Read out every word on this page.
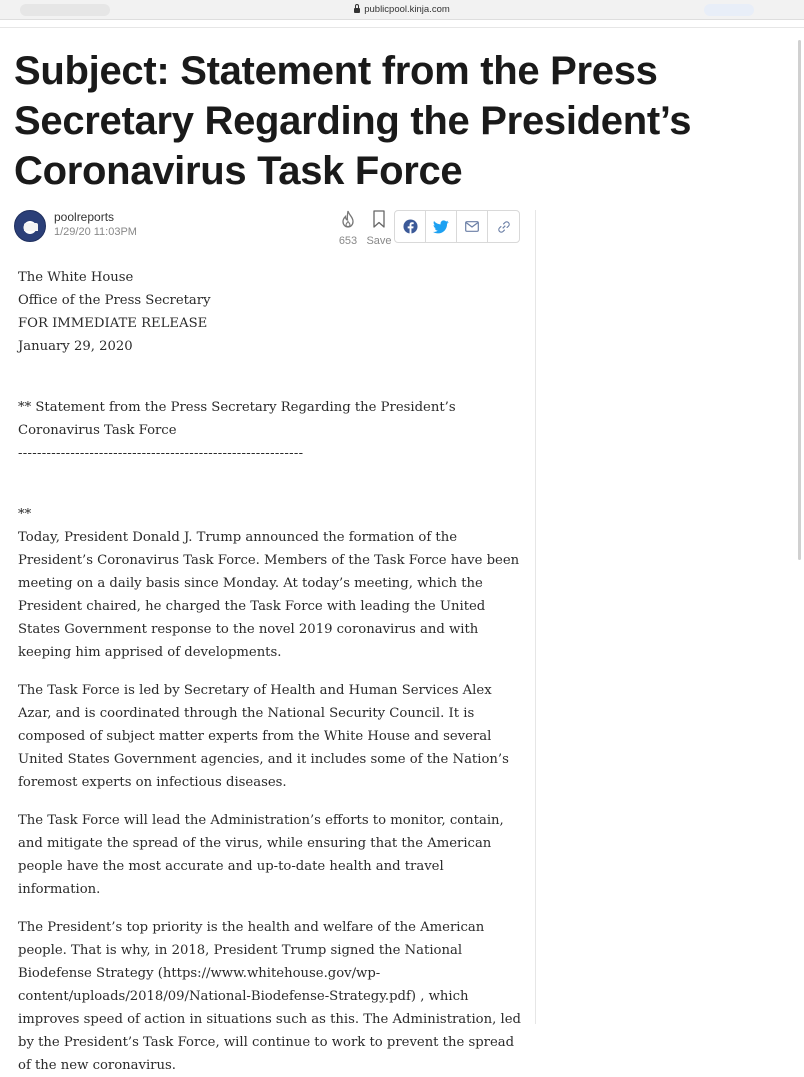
publicpool.kinja.com
Subject: Statement from the Press Secretary Regarding the President’s Coronavirus Task Force
poolreports
1/29/20 11:03PM
653 Save

The White House

Office of the Press Secretary

FOR IMMEDIATE RELEASE

January 29, 2020

** Statement from the Press Secretary Regarding the President’s Coronavirus Task Force

------------------------------------------------------------

**

Today, President Donald J. Trump announced the formation of the President’s Coronavirus Task Force. Members of the Task Force have been meeting on a daily basis since Monday. At today’s meeting, which the President chaired, he charged the Task Force with leading the United States Government response to the novel 2019 coronavirus and with keeping him apprised of developments.

The Task Force is led by Secretary of Health and Human Services Alex Azar, and is coordinated through the National Security Council. It is composed of subject matter experts from the White House and several United States Government agencies, and it includes some of the Nation’s foremost experts on infectious diseases.

The Task Force will lead the Administration’s efforts to monitor, contain, and mitigate the spread of the virus, while ensuring that the American people have the most accurate and up-to-date health and travel information.

The President’s top priority is the health and welfare of the American people. That is why, in 2018, President Trump signed the National Biodefense Strategy (https://www.whitehouse.gov/wp-content/uploads/2018/09/National-Biodefense-Strategy.pdf) , which improves speed of action in situations such as this. The Administration, led by the President’s Task Force, will continue to work to prevent the spread of the new coronavirus.
